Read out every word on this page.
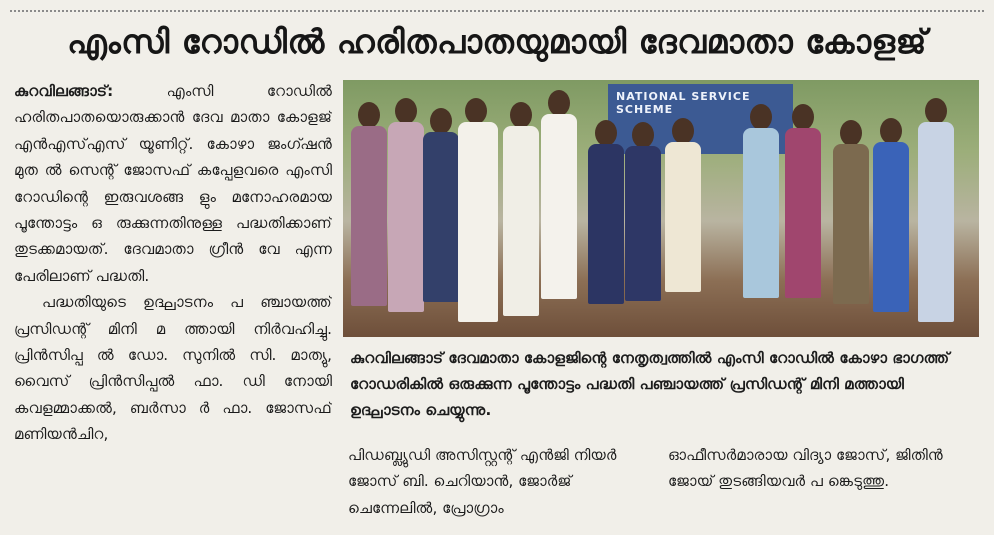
എംസി റോഡിൽ ഹരിതപാതയുമായി ദേവമാതാ കോളജ്

കുറവിലങ്ങാട്:	എംസി റോഡിൽ ഹരിതപാതയൊരുക്കാൻ ദേവ മാതാ കോളജ് എൻഎസ്എസ് യൂണിറ്റ്. കോഴാ ജംഗ്ഷൻ മുത ൽ സെന്റ് ജോസഫ് കപ്പേളവരെ എംസി റോഡിന്റെ ഇരുവശങ്ങ ളും മനോഹരമായ പൂന്തോട്ടം ഒ രുക്കുന്നതിനുള്ള പദ്ധതിക്കാണ് തുടക്കമായത്. ദേവമാതാ ഗ്രീൻ വേ എന്ന പേരിലാണ് പദ്ധതി.

പദ്ധതിയുടെ ഉദ്ഘാടനം പ ഞ്ചായത്ത് പ്രസിഡന്റ് മിനി മ ത്തായി നിർവഹിച്ചു. പ്രിൻസിപ്പ ൽ ഡോ. സുനിൽ സി. മാത്യു, വൈസ് പ്രിൻസിപ്പൽ ഫാ. ഡി നോയി കവളമ്മാക്കൽ, ബർസാ ർ ഫാ. ജോസഫ് മണിയൻചിറ,

NATIONAL SERVICE SCHEME
കുറവിലങ്ങാട് ദേവമാതാ കോളജിന്റെ നേതൃത്വത്തിൽ എംസി റോഡിൽ കോഴാ ഭാഗത്ത് റോഡരികിൽ ഒരുക്കുന്ന പൂന്തോട്ടം പദ്ധതി പഞ്ചായത്ത് പ്രസിഡന്റ് മിനി മത്തായി ഉദ്ഘാടനം ചെയ്യുന്നു.
പിഡബ്ല്യുഡി അസിസ്റ്റന്റ് എൻജി നിയർ ജോസ് ബി. ചെറിയാൻ, ജോർജ് ചെന്നേലിൽ, പ്രോഗ്രാം
ഓഫീസർമാരായ വിദ്യാ ജോസ്, ജിതിൻ ജോയ് തുടങ്ങിയവർ പ ങ്കെടുത്തു.
